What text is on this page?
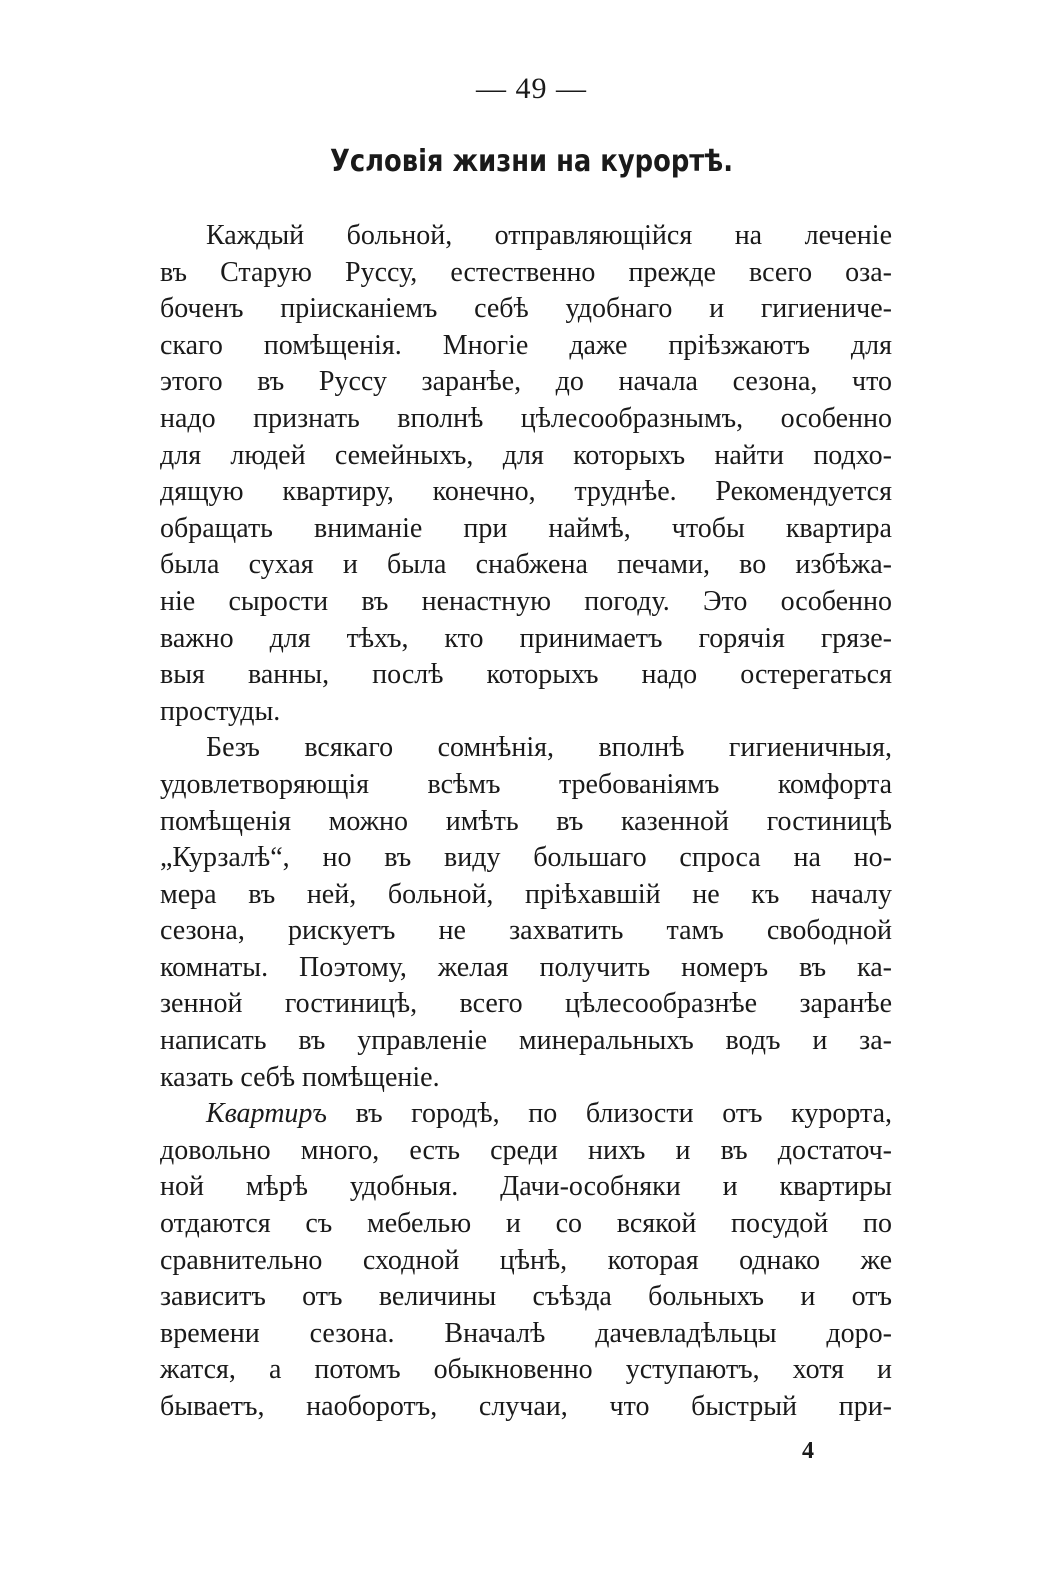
— 49 —
Условія жизни на курортѣ.
Каждый больной, отправляющійся на леченіе
въ Старую Руссу, естественно прежде всего оза-
боченъ пріисканіемъ себѣ удобнаго и гигиениче-
скаго помѣщенія. Многіе даже пріѣзжаютъ для
этого въ Руссу заранѣе, до начала сезона, что
надо признать вполнѣ цѣлесообразнымъ, особенно
для людей семейныхъ, для которыхъ найти подхо-
дящую квартиру, конечно, труднѣе. Рекомендуется
обращать вниманіе при наймѣ, чтобы квартира
была сухая и была снабжена печами, во избѣжа-
ніе сырости въ ненастную погоду. Это особенно
важно для тѣхъ, кто принимаетъ горячія грязе-
выя ванны, послѣ которыхъ надо остерегаться
простуды.
Безъ всякаго сомнѣнія, вполнѣ гигиеничныя,
удовлетворяющія всѣмъ требованіямъ комфорта
помѣщенія можно имѣть въ казенной гостиницѣ
„Курзалѣ“, но въ виду большаго спроса на но-
мера въ ней, больной, пріѣхавшій не къ началу
сезона, рискуетъ не захватить тамъ свободной
комнаты. Поэтому, желая получить номеръ въ ка-
зенной гостиницѣ, всего цѣлесообразнѣе заранѣе
написать въ управленіе минеральныхъ водъ и за-
казать себѣ помѣщеніе.
Квартиръ въ городѣ, по близости отъ курорта,
довольно много, есть среди нихъ и въ достаточ-
ной мѣрѣ удобныя. Дачи-особняки и квартиры
отдаются съ мебелью и со всякой посудой по
сравнительно сходной цѣнѣ, которая однако же
зависитъ отъ величины съѣзда больныхъ и отъ
времени сезона. Вначалѣ дачевладѣльцы доро-
жатся, а потомъ обыкновенно уступаютъ, хотя и
бываетъ, наоборотъ, случаи, что быстрый при-
4
